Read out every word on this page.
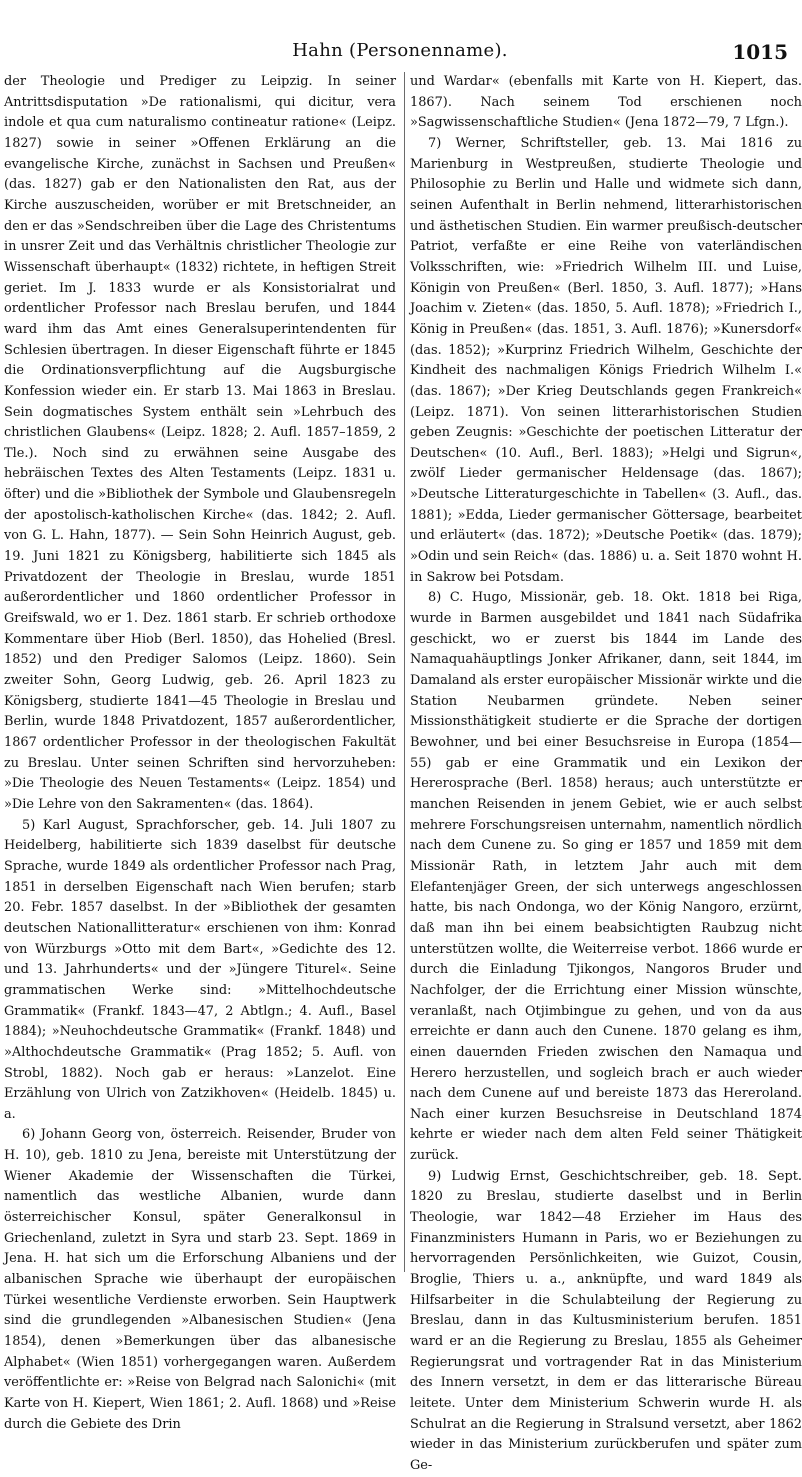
Hahn (Personenname).	1015

der Theologie und Prediger zu Leipzig. In seiner Antrittsdisputation »De rationalismi, qui dicitur, vera indole et qua cum naturalismo contineatur ratione« (Leipz. 1827) sowie in seiner »Offenen Erklärung an die evangelische Kirche, zunächst in Sachsen und Preußen« (das. 1827) gab er den Nationalisten den Rat, aus der Kirche auszuscheiden, worüber er mit Bretschneider, an den er das »Sendschreiben über die Lage des Christentums in unsrer Zeit und das Verhältnis christlicher Theologie zur Wissenschaft überhaupt« (1832) richtete, in heftigen Streit geriet. Im J. 1833 wurde er als Konsistorialrat und ordentlicher Professor nach Breslau berufen, und 1844 ward ihm das Amt eines Generalsuperintendenten für Schlesien übertragen. In dieser Eigenschaft führte er 1845 die Ordinationsverpflichtung auf die Augsburgische Konfession wieder ein. Er starb 13. Mai 1863 in Breslau. Sein dogmatisches System enthält sein »Lehrbuch des christlichen Glaubens« (Leipz. 1828; 2. Aufl. 1857–1859, 2 Tle.). Noch sind zu erwähnen seine Ausgabe des hebräischen Textes des Alten Testaments (Leipz. 1831 u. öfter) und die »Bibliothek der Symbole und Glaubensregeln der apostolisch-katholischen Kirche« (das. 1842; 2. Aufl. von G. L. Hahn, 1877). — Sein Sohn Heinrich August, geb. 19. Juni 1821 zu Königsberg, habilitierte sich 1845 als Privatdozent der Theologie in Breslau, wurde 1851 außerordentlicher und 1860 ordentlicher Professor in Greifswald, wo er 1. Dez. 1861 starb. Er schrieb orthodoxe Kommentare über Hiob (Berl. 1850), das Hohelied (Bresl. 1852) und den Prediger Salomos (Leipz. 1860). Sein zweiter Sohn, Georg Ludwig, geb. 26. April 1823 zu Königsberg, studierte 1841—45 Theologie in Breslau und Berlin, wurde 1848 Privatdozent, 1857 außerordentlicher, 1867 ordentlicher Professor in der theologischen Fakultät zu Breslau. Unter seinen Schriften sind hervorzuheben: »Die Theologie des Neuen Testaments« (Leipz. 1854) und »Die Lehre von den Sakramenten« (das. 1864).

5) Karl August, Sprachforscher, geb. 14. Juli 1807 zu Heidelberg, habilitierte sich 1839 daselbst für deutsche Sprache, wurde 1849 als ordentlicher Professor nach Prag, 1851 in derselben Eigenschaft nach Wien berufen; starb 20. Febr. 1857 daselbst. In der »Bibliothek der gesamten deutschen Nationallitteratur« erschienen von ihm: Konrad von Würzburgs »Otto mit dem Bart«, »Gedichte des 12. und 13. Jahrhunderts« und der »Jüngere Titurel«. Seine grammatischen Werke sind: »Mittelhochdeutsche Grammatik« (Frankf. 1843—47, 2 Abtlgn.; 4. Aufl., Basel 1884); »Neuhochdeutsche Grammatik« (Frankf. 1848) und »Althochdeutsche Grammatik« (Prag 1852; 5. Aufl. von Strobl, 1882). Noch gab er heraus: »Lanzelot. Eine Erzählung von Ulrich von Zatzikhoven« (Heidelb. 1845) u. a.

6) Johann Georg von, österreich. Reisender, Bruder von H. 10), geb. 1810 zu Jena, bereiste mit Unterstützung der Wiener Akademie der Wissenschaften die Türkei, namentlich das westliche Albanien, wurde dann österreichischer Konsul, später Generalkonsul in Griechenland, zuletzt in Syra und starb 23. Sept. 1869 in Jena. H. hat sich um die Erforschung Albaniens und der albanischen Sprache wie überhaupt der europäischen Türkei wesentliche Verdienste erworben. Sein Hauptwerk sind die grundlegenden »Albanesischen Studien« (Jena 1854), denen »Bemerkungen über das albanesische Alphabet« (Wien 1851) vorhergegangen waren. Außerdem veröffentlichte er: »Reise von Belgrad nach Salonichi« (mit Karte von H. Kiepert, Wien 1861; 2. Aufl. 1868) und »Reise durch die Gebiete des Drin

und Wardar« (ebenfalls mit Karte von H. Kiepert, das. 1867). Nach seinem Tod erschienen noch »Sagwissenschaftliche Studien« (Jena 1872—79, 7 Lfgn.).

7) Werner, Schriftsteller, geb. 13. Mai 1816 zu Marienburg in Westpreußen, studierte Theologie und Philosophie zu Berlin und Halle und widmete sich dann, seinen Aufenthalt in Berlin nehmend, litterarhistorischen und ästhetischen Studien. Ein warmer preußisch-deutscher Patriot, verfaßte er eine Reihe von vaterländischen Volksschriften, wie: »Friedrich Wilhelm III. und Luise, Königin von Preußen« (Berl. 1850, 3. Aufl. 1877); »Hans Joachim v. Zieten« (das. 1850, 5. Aufl. 1878); »Friedrich I., König in Preußen« (das. 1851, 3. Aufl. 1876); »Kunersdorf« (das. 1852); »Kurprinz Friedrich Wilhelm, Geschichte der Kindheit des nachmaligen Königs Friedrich Wilhelm I.« (das. 1867); »Der Krieg Deutschlands gegen Frankreich« (Leipz. 1871). Von seinen litterarhistorischen Studien geben Zeugnis: »Geschichte der poetischen Litteratur der Deutschen« (10. Aufl., Berl. 1883); »Helgi und Sigrun«, zwölf Lieder germanischer Heldensage (das. 1867); »Deutsche Litteraturgeschichte in Tabellen« (3. Aufl., das. 1881); »Edda, Lieder germanischer Göttersage, bearbeitet und erläutert« (das. 1872); »Deutsche Poetik« (das. 1879); »Odin und sein Reich« (das. 1886) u. a. Seit 1870 wohnt H. in Sakrow bei Potsdam.

8) C. Hugo, Missionär, geb. 18. Okt. 1818 bei Riga, wurde in Barmen ausgebildet und 1841 nach Südafrika geschickt, wo er zuerst bis 1844 im Lande des Namaquahäuptlings Jonker Afrikaner, dann, seit 1844, im Damaland als erster europäischer Missionär wirkte und die Station Neubarmen gründete. Neben seiner Missionsthätigkeit studierte er die Sprache der dortigen Bewohner, und bei einer Besuchsreise in Europa (1854—55) gab er eine Grammatik und ein Lexikon der Hererosprache (Berl. 1858) heraus; auch unterstützte er manchen Reisenden in jenem Gebiet, wie er auch selbst mehrere Forschungsreisen unternahm, namentlich nördlich nach dem Cunene zu. So ging er 1857 und 1859 mit dem Missionär Rath, in letztem Jahr auch mit dem Elefantenjäger Green, der sich unterwegs angeschlossen hatte, bis nach Ondonga, wo der König Nangoro, erzürnt, daß man ihn bei einem beabsichtigten Raubzug nicht unterstützen wollte, die Weiterreise verbot. 1866 wurde er durch die Einladung Tjikongos, Nangoros Bruder und Nachfolger, der die Errichtung einer Mission wünschte, veranlaßt, nach Otjimbingue zu gehen, und von da aus erreichte er dann auch den Cunene. 1870 gelang es ihm, einen dauernden Frieden zwischen den Namaqua und Herero herzustellen, und sogleich brach er auch wieder nach dem Cunene auf und bereiste 1873 das Hereroland. Nach einer kurzen Besuchsreise in Deutschland 1874 kehrte er wieder nach dem alten Feld seiner Thätigkeit zurück.

9) Ludwig Ernst, Geschichtschreiber, geb. 18. Sept. 1820 zu Breslau, studierte daselbst und in Berlin Theologie, war 1842—48 Erzieher im Haus des Finanzministers Humann in Paris, wo er Beziehungen zu hervorragenden Persönlichkeiten, wie Guizot, Cousin, Broglie, Thiers u. a., anknüpfte, und ward 1849 als Hilfsarbeiter in die Schulabteilung der Regierung zu Breslau, dann in das Kultusministerium berufen. 1851 ward er an die Regierung zu Breslau, 1855 als Geheimer Regierungsrat und vortragender Rat in das Ministerium des Innern versetzt, in dem er das litterarische Büreau leitete. Unter dem Ministerium Schwerin wurde H. als Schulrat an die Regierung in Stralsund versetzt, aber 1862 wieder in das Ministerium zurückberufen und später zum Ge-
